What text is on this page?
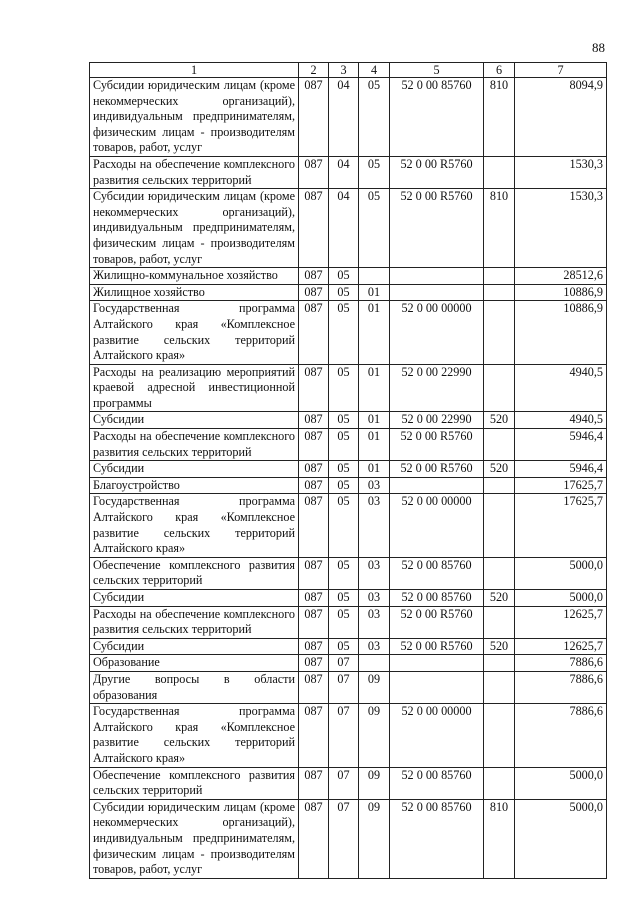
88
1	2	3	4	5	6	7
Субсидии юридическим лицам (кроме некоммерческих организаций), индивидуальным предпринимателям, физическим лицам - производителям товаров, работ, услуг	087	04	05	52 0 00 85760	810	8094,9
Расходы на обеспечение комплексного развития сельских территорий	087	04	05	52 0 00 R5760		1530,3
Субсидии юридическим лицам (кроме некоммерческих организаций), индивидуальным предпринимателям, физическим лицам - производителям товаров, работ, услуг	087	04	05	52 0 00 R5760	810	1530,3
Жилищно-коммунальное хозяйство	087	05				28512,6
Жилищное хозяйство	087	05	01			10886,9
Государственная программа Алтайского края «Комплексное развитие сельских территорий Алтайского края»	087	05	01	52 0 00 00000		10886,9
Расходы на реализацию мероприятий краевой адресной инвестиционной программы	087	05	01	52 0 00 22990		4940,5
Субсидии	087	05	01	52 0 00 22990	520	4940,5
Расходы на обеспечение комплексного развития сельских территорий	087	05	01	52 0 00 R5760		5946,4
Субсидии	087	05	01	52 0 00 R5760	520	5946,4
Благоустройство	087	05	03			17625,7
Государственная программа Алтайского края «Комплексное развитие сельских территорий Алтайского края»	087	05	03	52 0 00 00000		17625,7
Обеспечение комплексного развития сельских территорий	087	05	03	52 0 00 85760		5000,0
Субсидии	087	05	03	52 0 00 85760	520	5000,0
Расходы на обеспечение комплексного развития сельских территорий	087	05	03	52 0 00 R5760		12625,7
Субсидии	087	05	03	52 0 00 R5760	520	12625,7
Образование	087	07				7886,6
Другие вопросы в области образования	087	07	09			7886,6
Государственная программа Алтайского края «Комплексное развитие сельских территорий Алтайского края»	087	07	09	52 0 00 00000		7886,6
Обеспечение комплексного развития сельских территорий	087	07	09	52 0 00 85760		5000,0
Субсидии юридическим лицам (кроме некоммерческих организаций), индивидуальным предпринимателям, физическим лицам - производителям товаров, работ, услуг	087	07	09	52 0 00 85760	810	5000,0
